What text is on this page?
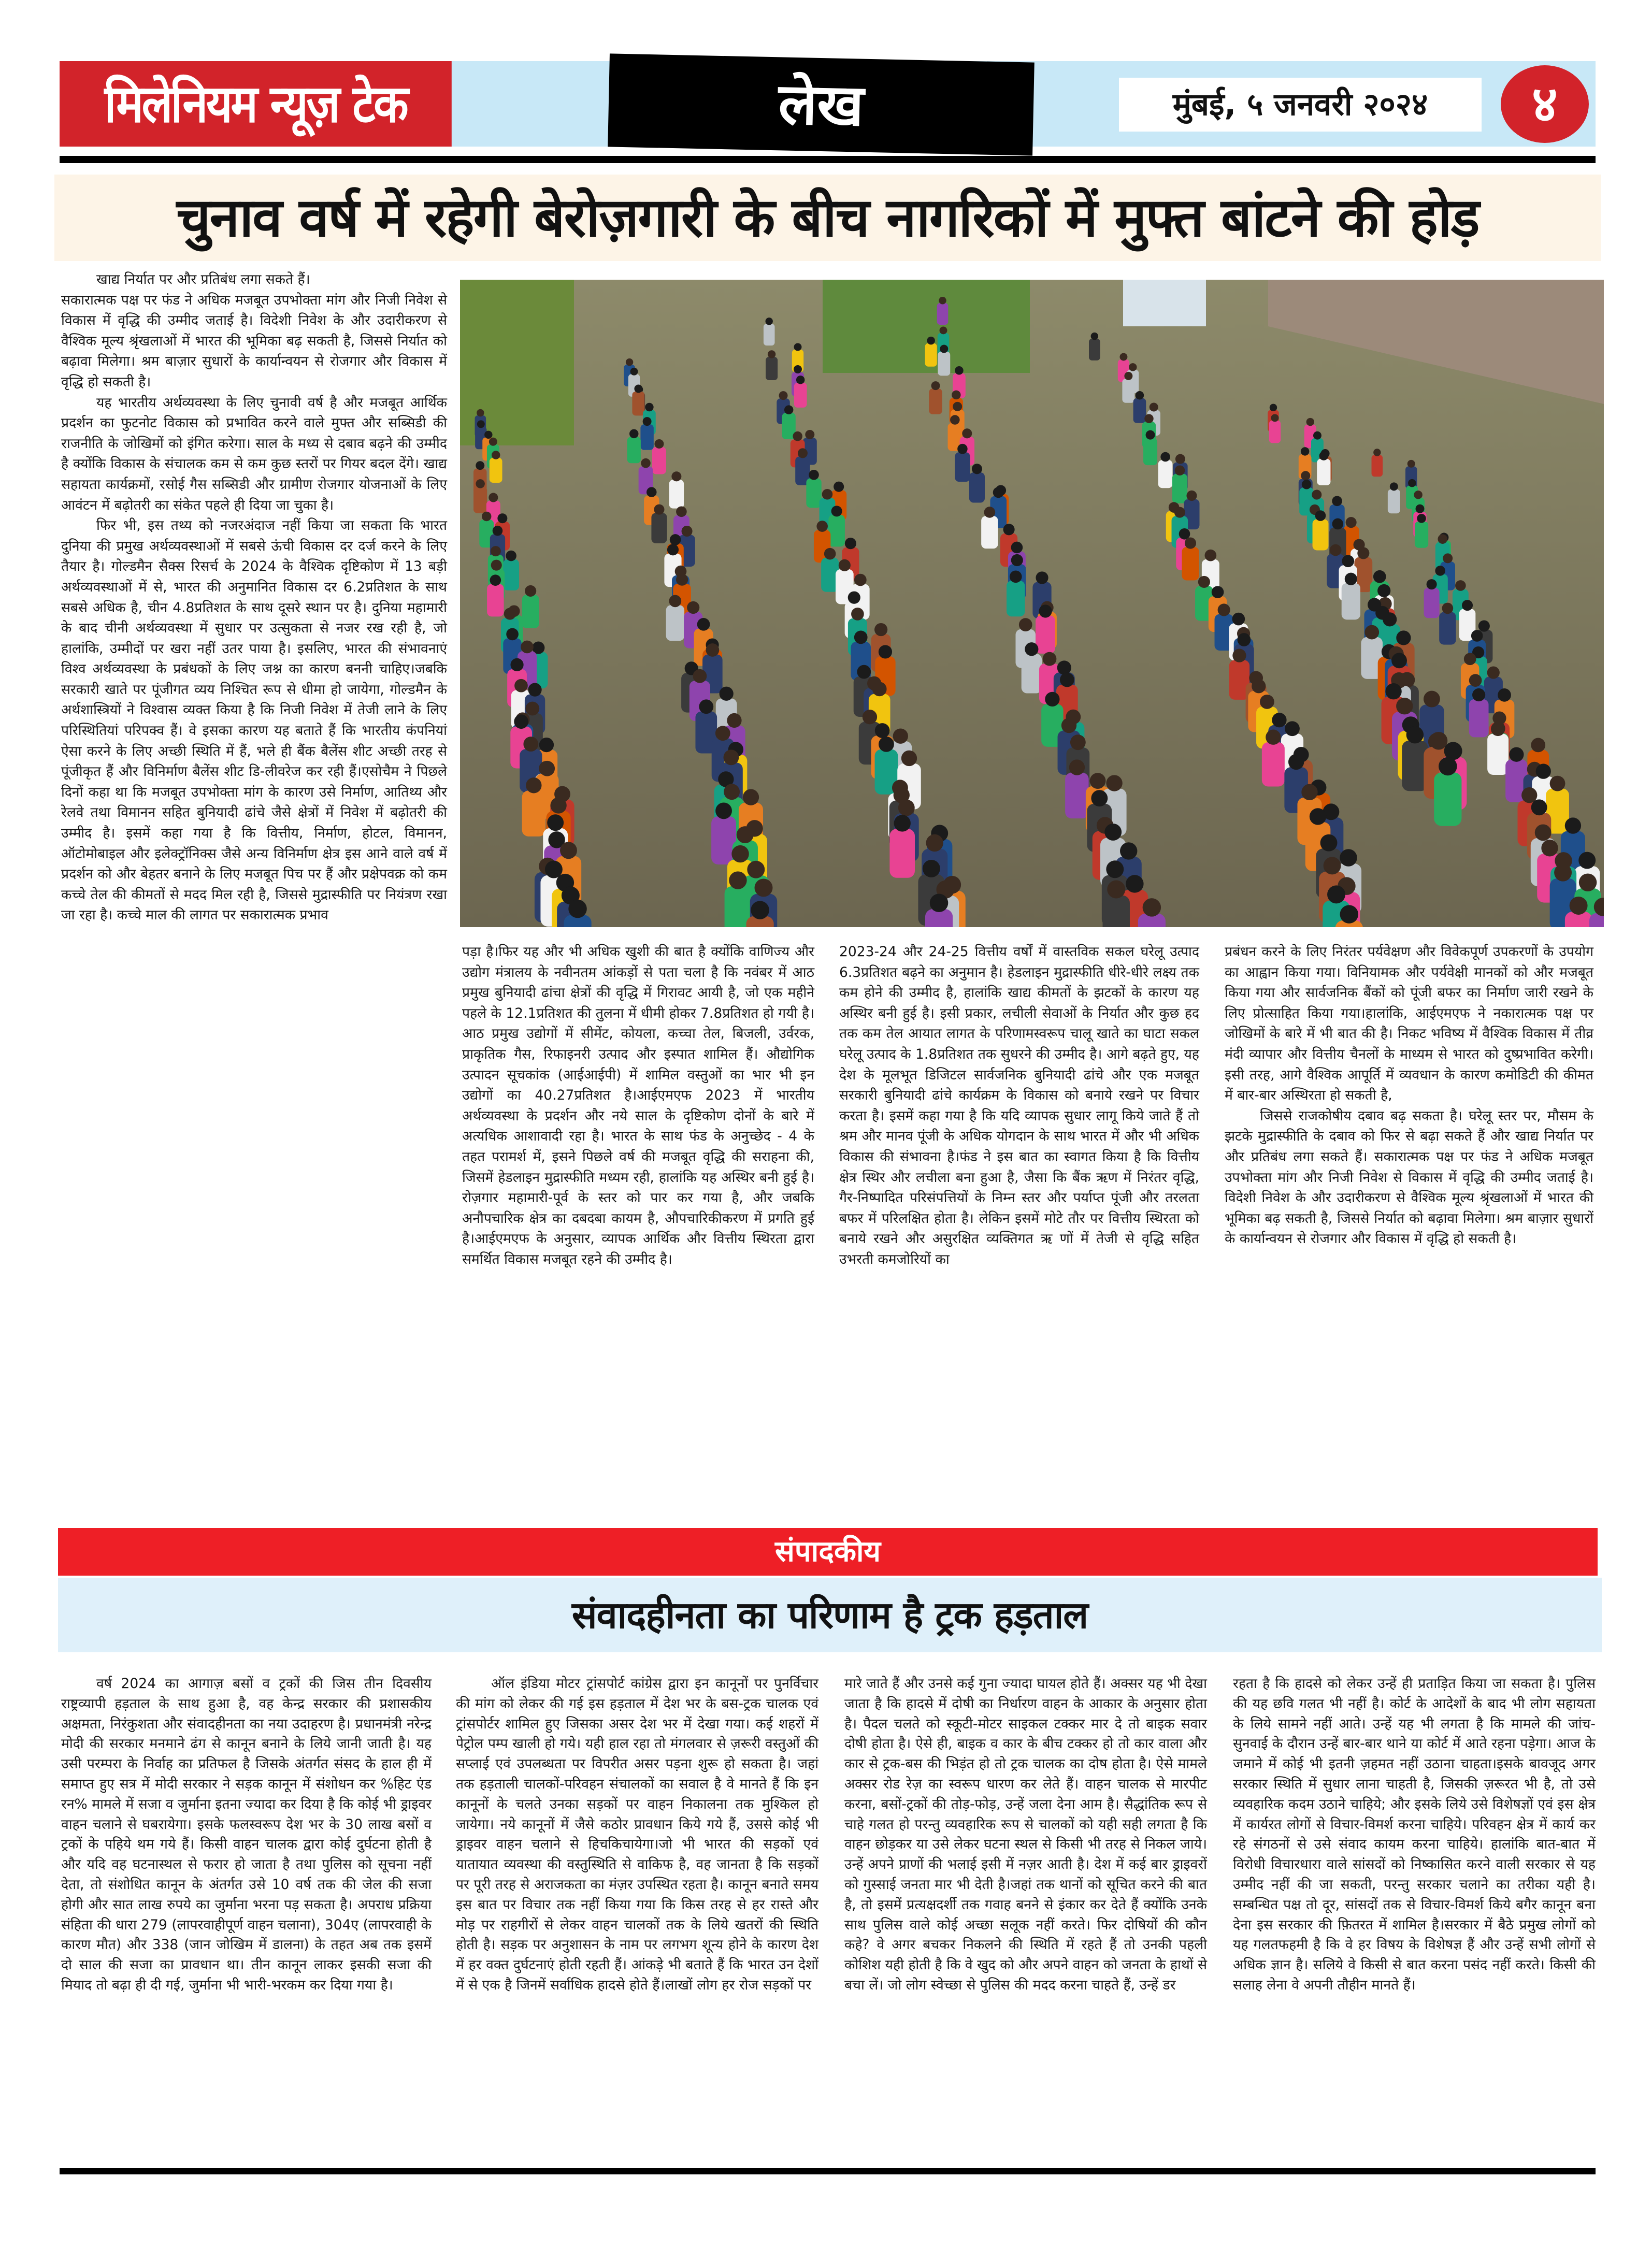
मिलेनियम न्यूज़ टेक	लेख	मुंबई, ५ जनवरी २०२४	४
चुनाव वर्ष में रहेगी बेरोज़गारी के बीच नागरिकों में मुफ्त बांटने की होड़

खाद्य निर्यात पर और प्रतिबंध लगा सकते हैं।

सकारात्मक पक्ष पर फंड ने अधिक मजबूत उपभोक्ता मांग और निजी निवेश से विकास में वृद्धि की उम्मीद जताई है। विदेशी निवेश के और उदारीकरण से वैश्विक मूल्य श्रृंखलाओं में भारत की भूमिका बढ़ सकती है, जिससे निर्यात को बढ़ावा मिलेगा। श्रम बाज़ार सुधारों के कार्यान्वयन से रोजगार और विकास में वृद्धि हो सकती है।

यह भारतीय अर्थव्यवस्था के लिए चुनावी वर्ष है और मजबूत आर्थिक प्रदर्शन का फुटनोट विकास को प्रभावित करने वाले मुफ्त और सब्सिडी की राजनीति के जोखिमों को इंगित करेगा। साल के मध्य से दबाव बढ़ने की उम्मीद है क्योंकि विकास के संचालक कम से कम कुछ स्तरों पर गियर बदल देंगे। खाद्य सहायता कार्यक्रमों, रसोई गैस सब्सिडी और ग्रामीण रोजगार योजनाओं के लिए आवंटन में बढ़ोतरी का संकेत पहले ही दिया जा चुका है।

फिर भी, इस तथ्य को नजरअंदाज नहीं किया जा सकता कि भारत दुनिया की प्रमुख अर्थव्यवस्थाओं में सबसे ऊंची विकास दर दर्ज करने के लिए तैयार है। गोल्डमैन सैक्स रिसर्च के 2024 के वैश्विक दृष्टिकोण में 13 बड़ी अर्थव्यवस्थाओं में से, भारत की अनुमानित विकास दर 6.2प्रतिशत के साथ सबसे अधिक है, चीन 4.8प्रतिशत के साथ दूसरे स्थान पर है। दुनिया महामारी के बाद चीनी अर्थव्यवस्था में सुधार पर उत्सुकता से नजर रख रही है, जो हालांकि, उम्मीदों पर खरा नहीं उतर पाया है। इसलिए, भारत की संभावनाएं विश्व अर्थव्यवस्था के प्रबंधकों के लिए जश्न का कारण बननी चाहिए।जबकि सरकारी खाते पर पूंजीगत व्यय निश्चित रूप से धीमा हो जायेगा, गोल्डमैन के अर्थशास्त्रियों ने विश्वास व्यक्त किया है कि निजी निवेश में तेजी लाने के लिए परिस्थितियां परिपक्व हैं। वे इसका कारण यह बताते हैं कि भारतीय कंपनियां ऐसा करने के लिए अच्छी स्थिति में हैं, भले ही बैंक बैलेंस शीट अच्छी तरह से पूंजीकृत हैं और विनिर्माण बैलेंस शीट डि-लीवरेज कर रही हैं।एसोचैम ने पिछले दिनों कहा था कि मजबूत उपभोक्ता मांग के कारण उसे निर्माण, आतिथ्य और रेलवे तथा विमानन सहित बुनियादी ढांचे जैसे क्षेत्रों में निवेश में बढ़ोतरी की उम्मीद है। इसमें कहा गया है कि वित्तीय, निर्माण, होटल, विमानन, ऑटोमोबाइल और इलेक्ट्रॉनिक्स जैसे अन्य विनिर्माण क्षेत्र इस आने वाले वर्ष में प्रदर्शन को और बेहतर बनाने के लिए मजबूत पिच पर हैं और प्रक्षेपवक्र को कम कच्चे तेल की कीमतों से मदद मिल रही है, जिससे मुद्रास्फीति पर नियंत्रण रखा जा रहा है। कच्चे माल की लागत पर सकारात्मक प्रभाव

पड़ा है।फिर यह और भी अधिक खुशी की बात है क्योंकि वाणिज्य और उद्योग मंत्रालय के नवीनतम आंकड़ों से पता चला है कि नवंबर में आठ प्रमुख बुनियादी ढांचा क्षेत्रों की वृद्धि में गिरावट आयी है, जो एक महीने पहले के 12.1प्रतिशत की तुलना में धीमी होकर 7.8प्रतिशत हो गयी है। आठ प्रमुख उद्योगों में सीमेंट, कोयला, कच्चा तेल, बिजली, उर्वरक, प्राकृतिक गैस, रिफाइनरी उत्पाद और इस्पात शामिल हैं। औद्योगिक उत्पादन सूचकांक (आईआईपी) में शामिल वस्तुओं का भार भी इन उद्योगों का 40.27प्रतिशत है।आईएमएफ 2023 में भारतीय अर्थव्यवस्था के प्रदर्शन और नये साल के दृष्टिकोण दोनों के बारे में अत्यधिक आशावादी रहा है। भारत के साथ फंड के अनुच्छेद - 4 के तहत परामर्श में, इसने पिछले वर्ष की मजबूत वृद्धि की सराहना की, जिसमें हेडलाइन मुद्रास्फीति मध्यम रही, हालांकि यह अस्थिर बनी हुई है। रोज़गार महामारी-पूर्व के स्तर को पार कर गया है, और जबकि अनौपचारिक क्षेत्र का दबदबा कायम है, औपचारिकीकरण में प्रगति हुई है।आईएमएफ के अनुसार, व्यापक आर्थिक और वित्तीय स्थिरता द्वारा समर्थित विकास मजबूत रहने की उम्मीद है।

2023-24 और 24-25 वित्तीय वर्षों में वास्तविक सकल घरेलू उत्पाद 6.3प्रतिशत बढ़ने का अनुमान है। हेडलाइन मुद्रास्फीति धीरे-धीरे लक्ष्य तक कम होने की उम्मीद है, हालांकि खाद्य कीमतों के झटकों के कारण यह अस्थिर बनी हुई है। इसी प्रकार, लचीली सेवाओं के निर्यात और कुछ हद तक कम तेल आयात लागत के परिणामस्वरूप चालू खाते का घाटा सकल घरेलू उत्पाद के 1.8प्रतिशत तक सुधरने की उम्मीद है। आगे बढ़ते हुए, यह देश के मूलभूत डिजिटल सार्वजनिक बुनियादी ढांचे और एक मजबूत सरकारी बुनियादी ढांचे कार्यक्रम के विकास को बनाये रखने पर विचार करता है। इसमें कहा गया है कि यदि व्यापक सुधार लागू किये जाते हैं तो श्रम और मानव पूंजी के अधिक योगदान के साथ भारत में और भी अधिक विकास की संभावना है।फंड ने इस बात का स्वागत किया है कि वित्तीय क्षेत्र स्थिर और लचीला बना हुआ है, जैसा कि बैंक ऋण में निरंतर वृद्धि, गैर-निष्पादित परिसंपत्तियों के निम्न स्तर और पर्याप्त पूंजी और तरलता बफर में परिलक्षित होता है। लेकिन इसमें मोटे तौर पर वित्तीय स्थिरता को बनाये रखने और असुरक्षित व्यक्तिगत ऋ णों में तेजी से वृद्धि सहित उभरती कमजोरियों का

प्रबंधन करने के लिए निरंतर पर्यवेक्षण और विवेकपूर्ण उपकरणों के उपयोग का आह्वान किया गया। विनियामक और पर्यवेक्षी मानकों को और मजबूत किया गया और सार्वजनिक बैंकों को पूंजी बफर का निर्माण जारी रखने के लिए प्रोत्साहित किया गया।हालांकि, आईएमएफ ने नकारात्मक पक्ष पर जोखिमों के बारे में भी बात की है। निकट भविष्य में वैश्विक विकास में तीव्र मंदी व्यापार और वित्तीय चैनलों के माध्यम से भारत को दुष्प्रभावित करेगी। इसी तरह, आगे वैश्विक आपूर्ति में व्यवधान के कारण कमोडिटी की कीमत में बार-बार अस्थिरता हो सकती है,

जिससे राजकोषीय दबाव बढ़ सकता है। घरेलू स्तर पर, मौसम के झटके मुद्रास्फीति के दबाव को फिर से बढ़ा सकते हैं और खाद्य निर्यात पर और प्रतिबंध लगा सकते हैं। सकारात्मक पक्ष पर फंड ने अधिक मजबूत उपभोक्ता मांग और निजी निवेश से विकास में वृद्धि की उम्मीद जताई है। विदेशी निवेश के और उदारीकरण से वैश्विक मूल्य श्रृंखलाओं में भारत की भूमिका बढ़ सकती है, जिससे निर्यात को बढ़ावा मिलेगा। श्रम बाज़ार सुधारों के कार्यान्वयन से रोजगार और विकास में वृद्धि हो सकती है।

संपादकीय
संवादहीनता का परिणाम है ट्रक हड़ताल

वर्ष 2024 का आगाज़ बसों व ट्रकों की जिस तीन दिवसीय राष्ट्रव्यापी हड़ताल के साथ हुआ है, वह केन्द्र सरकार की प्रशासकीय अक्षमता, निरंकुशता और संवादहीनता का नया उदाहरण है। प्रधानमंत्री नरेन्द्र मोदी की सरकार मनमाने ढंग से कानून बनाने के लिये जानी जाती है। यह उसी परम्परा के निर्वाह का प्रतिफल है जिसके अंतर्गत संसद के हाल ही में समाप्त हुए सत्र में मोदी सरकार ने सड़क कानून में संशोधन कर %हिट एंड रन% मामले में सजा व जुर्माना इतना ज्यादा कर दिया है कि कोई भी ड्राइवर वाहन चलाने से घबरायेगा। इसके फलस्वरूप देश भर के 30 लाख बसों व ट्रकों के पहिये थम गये हैं। किसी वाहन चालक द्वारा कोई दुर्घटना होती है और यदि वह घटनास्थल से फरार हो जाता है तथा पुलिस को सूचना नहीं देता, तो संशोधित कानून के अंतर्गत उसे 10 वर्ष तक की जेल की सजा होगी और सात लाख रुपये का जुर्माना भरना पड़ सकता है। अपराध प्रक्रिया संहिता की धारा 279 (लापरवाहीपूर्ण वाहन चलाना), 304ए (लापरवाही के कारण मौत) और 338 (जान जोखिम में डालना) के तहत अब तक इसमें दो साल की सजा का प्रावधान था। तीन कानून लाकर इसकी सजा की मियाद तो बढ़ा ही दी गई, जुर्माना भी भारी-भरकम कर दिया गया है।

ऑल इंडिया मोटर ट्रांसपोर्ट कांग्रेस द्वारा इन कानूनों पर पुनर्विचार की मांग को लेकर की गई इस हड़ताल में देश भर के बस-ट्रक चालक एवं ट्रांसपोर्टर शामिल हुए जिसका असर देश भर में देखा गया। कई शहरों में पेट्रोल पम्प खाली हो गये। यही हाल रहा तो मंगलवार से ज़रूरी वस्तुओं की सप्लाई एवं उपलब्धता पर विपरीत असर पड़ना शुरू हो सकता है। जहां तक हड़ताली चालकों-परिवहन संचालकों का सवाल है वे मानते हैं कि इन कानूनों के चलते उनका सड़कों पर वाहन निकालना तक मुश्किल हो जायेगा। नये कानूनों में जैसे कठोर प्रावधान किये गये हैं, उससे कोई भी ड्राइवर वाहन चलाने से हिचकिचायेगा।जो भी भारत की सड़कों एवं यातायात व्यवस्था की वस्तुस्थिति से वाकिफ है, वह जानता है कि सड़कों पर पूरी तरह से अराजकता का मंज़र उपस्थित रहता है। कानून बनाते समय इस बात पर विचार तक नहीं किया गया कि किस तरह से हर रास्ते और मोड़ पर राहगीरों से लेकर वाहन चालकों तक के लिये खतरों की स्थिति होती है। सड़क पर अनुशासन के नाम पर लगभग शून्य होने के कारण देश में हर वक्त दुर्घटनाएं होती रहती हैं। आंकड़े भी बताते हैं कि भारत उन देशों में से एक है जिनमें सर्वाधिक हादसे होते हैं।लाखों लोग हर रोज सड़कों पर

मारे जाते हैं और उनसे कई गुना ज्यादा घायल होते हैं। अक्सर यह भी देखा जाता है कि हादसे में दोषी का निर्धारण वाहन के आकार के अनुसार होता है। पैदल चलते को स्कूटी-मोटर साइकल टक्कर मार दे तो बाइक सवार दोषी होता है। ऐसे ही, बाइक व कार के बीच टक्कर हो तो कार वाला और कार से ट्रक-बस की भिड़ंत हो तो ट्रक चालक का दोष होता है। ऐसे मामले अक्सर रोड रेज़ का स्वरूप धारण कर लेते हैं। वाहन चालक से मारपीट करना, बसों-ट्रकों की तोड़-फोड़, उन्हें जला देना आम है। सैद्धांतिक रूप से चाहे गलत हो परन्तु व्यवहारिक रूप से चालकों को यही सही लगता है कि वाहन छोड़कर या उसे लेकर घटना स्थल से किसी भी तरह से निकल जाये। उन्हें अपने प्राणों की भलाई इसी में नज़र आती है। देश में कई बार ड्राइवरों को गुस्साई जनता मार भी देती है।जहां तक थानों को सूचित करने की बात है, तो इसमें प्रत्यक्षदर्शी तक गवाह बनने से इंकार कर देते हैं क्योंकि उनके साथ पुलिस वाले कोई अच्छा सलूक नहीं करते। फिर दोषियों की कौन कहे? वे अगर बचकर निकलने की स्थिति में रहते हैं तो उनकी पहली कोशिश यही होती है कि वे खुद को और अपने वाहन को जनता के हाथों से बचा लें। जो लोग स्वेच्छा से पुलिस की मदद करना चाहते हैं, उन्हें डर

रहता है कि हादसे को लेकर उन्हें ही प्रताड़ित किया जा सकता है। पुलिस की यह छवि गलत भी नहीं है। कोर्ट के आदेशों के बाद भी लोग सहायता के लिये सामने नहीं आते। उन्हें यह भी लगता है कि मामले की जांच-सुनवाई के दौरान उन्हें बार-बार थाने या कोर्ट में आते रहना पड़ेगा। आज के जमाने में कोई भी इतनी ज़हमत नहीं उठाना चाहता।इसके बावजूद अगर सरकार स्थिति में सुधार लाना चाहती है, जिसकी ज़रूरत भी है, तो उसे व्यवहारिक कदम उठाने चाहिये; और इसके लिये उसे विशेषज्ञों एवं इस क्षेत्र में कार्यरत लोगों से विचार-विमर्श करना चाहिये। परिवहन क्षेत्र में कार्य कर रहे संगठनों से उसे संवाद कायम करना चाहिये। हालांकि बात-बात में विरोधी विचारधारा वाले सांसदों को निष्कासित करने वाली सरकार से यह उम्मीद नहीं की जा सकती, परन्तु सरकार चलाने का तरीका यही है। सम्बन्धित पक्ष तो दूर, सांसदों तक से विचार-विमर्श किये बगैर कानून बना देना इस सरकार की फ़ितरत में शामिल है।सरकार में बैठे प्रमुख लोगों को यह गलतफहमी है कि वे हर विषय के विशेषज्ञ हैं और उन्हें सभी लोगों से अधिक ज्ञान है। सलिये वे किसी से बात करना पसंद नहीं करते। किसी की सलाह लेना वे अपनी तौहीन मानते हैं।
